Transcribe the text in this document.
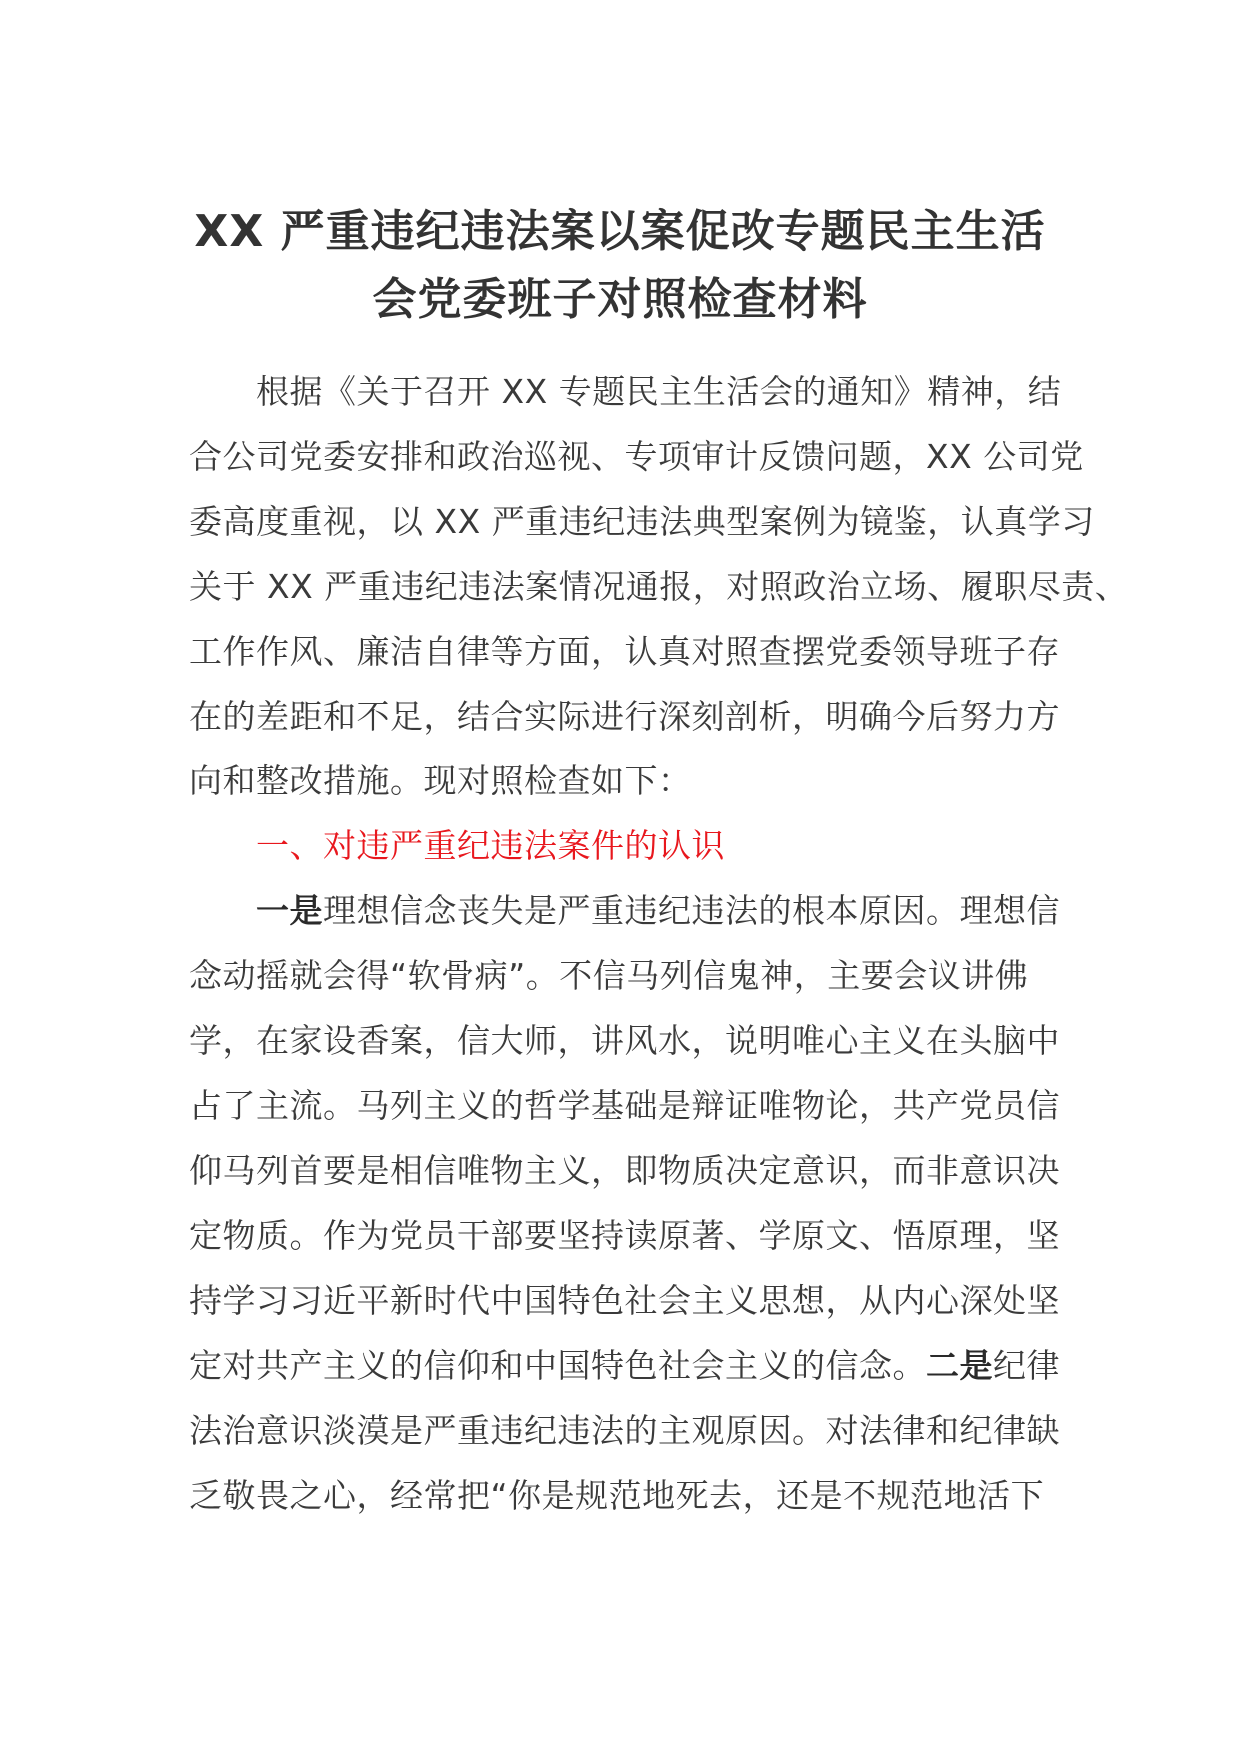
XX 严重违纪违法案以案促改专题民主生活
会党委班子对照检查材料
根据《关于召开 XX 专题民主生活会的通知》精神，结
合公司党委安排和政治巡视、专项审计反馈问题，XX 公司党
委高度重视，以 XX 严重违纪违法典型案例为镜鉴，认真学习
关于 XX 严重违纪违法案情况通报，对照政治立场、履职尽责、
工作作风、廉洁自律等方面，认真对照查摆党委领导班子存
在的差距和不足，结合实际进行深刻剖析，明确今后努力方
向和整改措施。现对照检查如下：
一、对违严重纪违法案件的认识
一是理想信念丧失是严重违纪违法的根本原因。理想信
念动摇就会得“软骨病”。不信马列信鬼神，主要会议讲佛
学，在家设香案，信大师，讲风水，说明唯心主义在头脑中
占了主流。马列主义的哲学基础是辩证唯物论，共产党员信
仰马列首要是相信唯物主义，即物质决定意识，而非意识决
定物质。作为党员干部要坚持读原著、学原文、悟原理，坚
持学习习近平新时代中国特色社会主义思想，从内心深处坚
定对共产主义的信仰和中国特色社会主义的信念。二是纪律
法治意识淡漠是严重违纪违法的主观原因。对法律和纪律缺
乏敬畏之心，经常把“你是规范地死去，还是不规范地活下
